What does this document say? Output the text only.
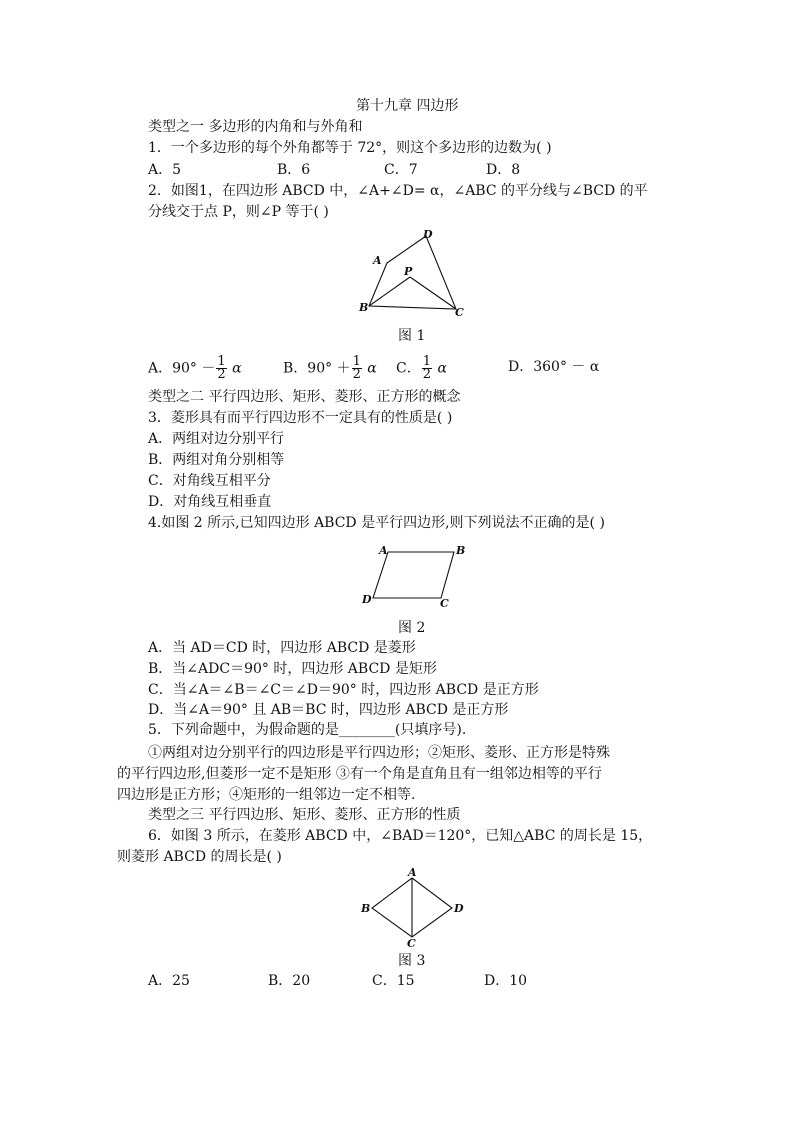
第十九章 四边形
类型之一 多边形的内角和与外角和
1．一个多边形的每个外角都等于 72°，则这个多边形的边数为( )
A．5	B．6	C．7	D．8
2．如图1，在四边形 ABCD 中，∠A+∠D= α，∠ABC 的平分线与∠BCD 的平
分线交于点 P，则∠P 等于( )
A
B	C
D
P
图 1
A．$90^\circ - \frac{1}{2}$ α	B．$90^\circ + \frac{1}{2}$ α C． $\frac{1}{2}$ α	D．360° － α
类型之二 平行四边形、矩形、菱形、正方形的概念
3．菱形具有而平行四边形不一定具有的性质是( )
A．两组对边分别平行
B．两组对角分别相等
C．对角线互相平分
D．对角线互相垂直
4.如图 2 所示,已知四边形 ABCD 是平行四边形,则下列说法不正确的是( )
A	B
C
D
图 2
A．当 AD＝CD 时，四边形 ABCD 是菱形
B．当∠ADC＝90° 时，四边形 ABCD 是矩形
C．当∠A＝∠B＝∠C＝∠D＝90° 时，四边形 ABCD 是正方形
D．当∠A＝90° 且 AB＝BC 时，四边形 ABCD 是正方形
5．下列命题中，为假命题的是________(只填序号).
①两组对边分别平行的四边形是平行四边形；②矩形、菱形、正方形是特殊
的平行四边形,但菱形一定不是矩形 ③有一个角是直角且有一组邻边相等的平行
四边形是正方形；④矩形的一组邻边一定不相等.
类型之三 平行四边形、矩形、菱形、正方形的性质
6．如图 3 所示，在菱形 ABCD 中，∠BAD＝120°，已知△ABC 的周长是 15，
则菱形 ABCD 的周长是( )
A
B
C
D
图 3
A．25	B．20	C．15	D．10
